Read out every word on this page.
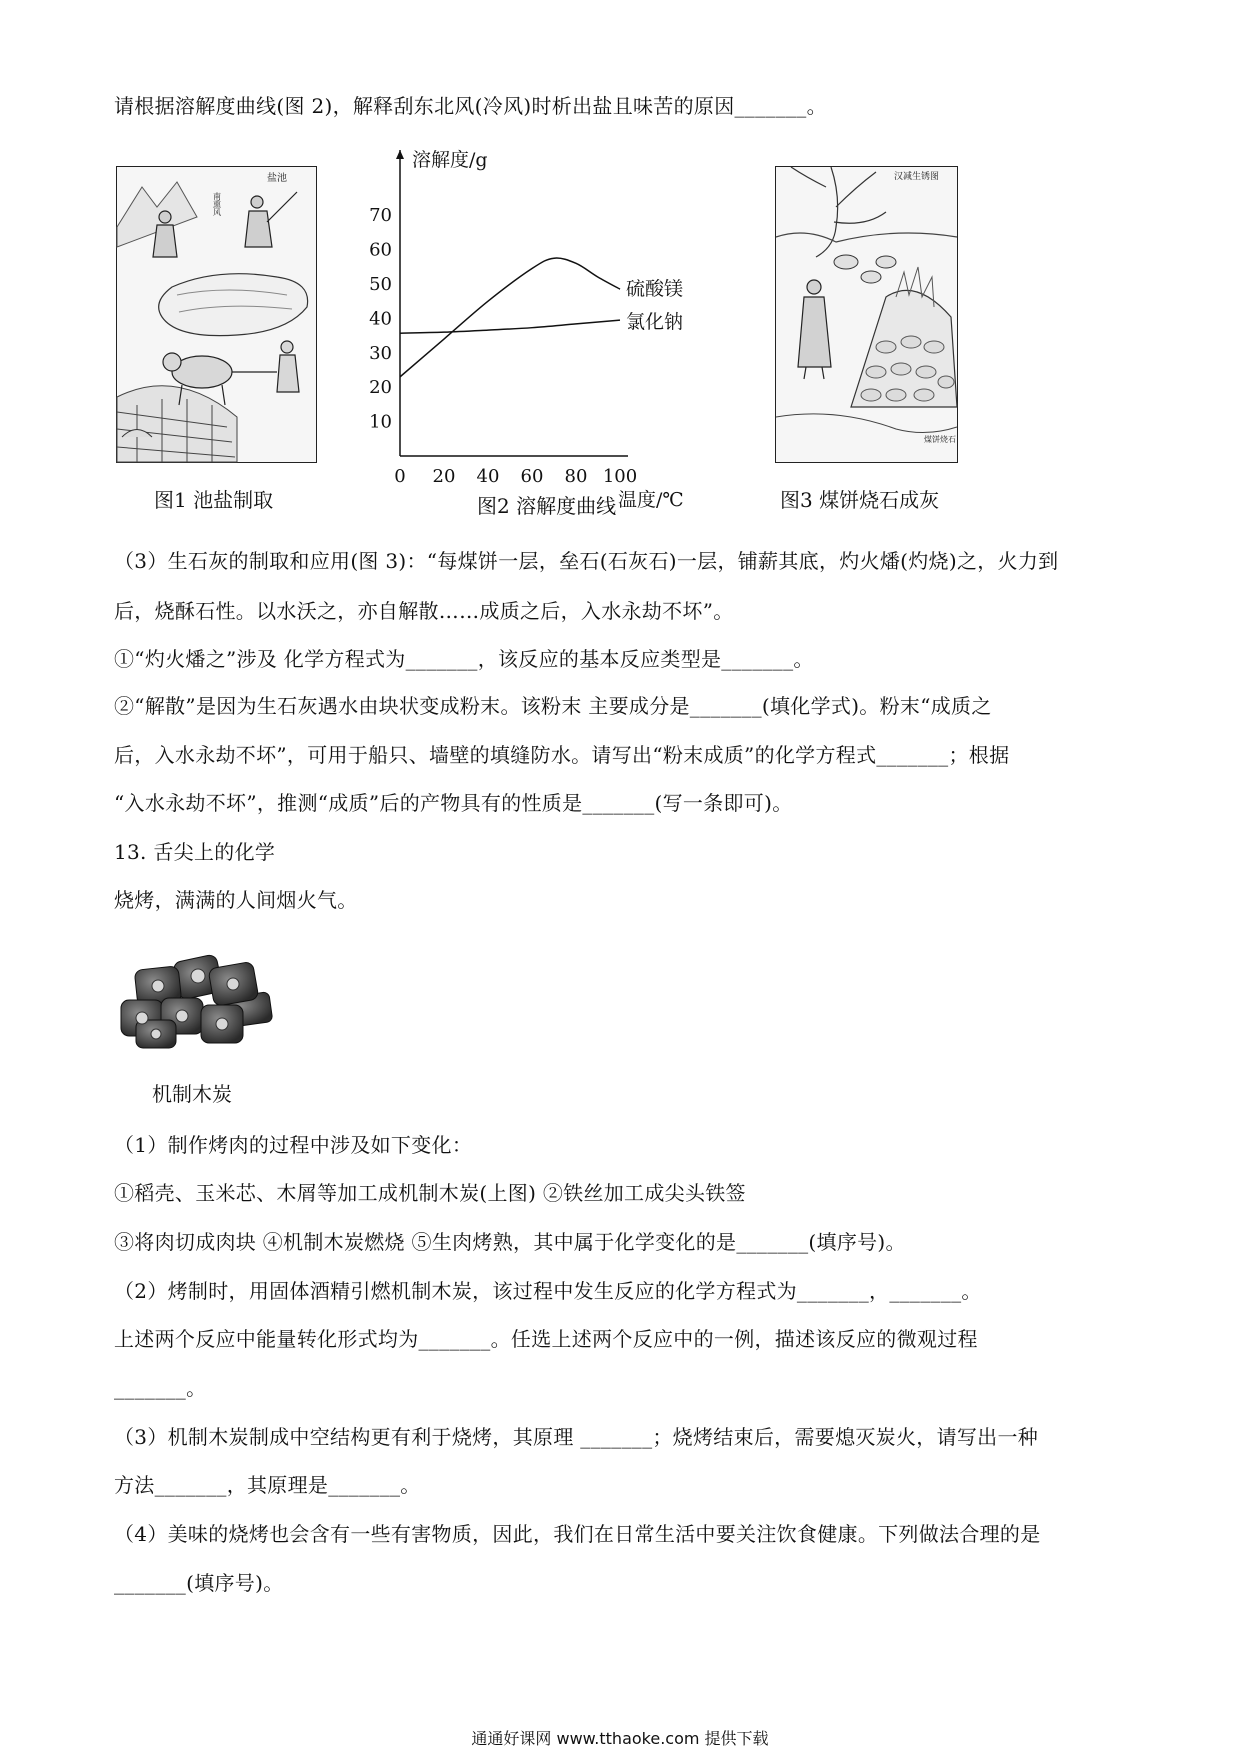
请根据溶解度曲线(图 2)，解释刮东北风(冷风)时析出盐且味苦的原因_______。
盐池
南熏风
图1 池盐制取
溶解度/g
温度/℃
10
20
30
40
50
60
70
0 20 40 60 80 100
硫酸镁
氯化钠
图2 溶解度曲线
汉减生锈图
煤饼烧石
图3 煤饼烧石成灰
（3）生石灰的制取和应用(图 3)：“每煤饼一层，垒石(石灰石)一层，铺薪其底，灼火燔(灼烧)之，火力到
后，烧酥石性。以水沃之，亦自解散……成质之后，入水永劫不坏”。
①“灼火燔之”涉及 化学方程式为_______，该反应的基本反应类型是_______。
②“解散”是因为生石灰遇水由块状变成粉末。该粉末 主要成分是_______(填化学式)。粉末“成质之
后，入水永劫不坏”，可用于船只、墙壁的填缝防水。请写出“粉末成质”的化学方程式_______；根据
“入水永劫不坏”，推测“成质”后的产物具有的性质是_______(写一条即可)。
13. 舌尖上的化学
烧烤，满满的人间烟火气。
机制木炭
（1）制作烤肉的过程中涉及如下变化：
①稻壳、玉米芯、木屑等加工成机制木炭(上图) ②铁丝加工成尖头铁签
③将肉切成肉块 ④机制木炭燃烧 ⑤生肉烤熟，其中属于化学变化的是_______(填序号)。
（2）烤制时，用固体酒精引燃机制木炭，该过程中发生反应的化学方程式为_______，_______。
上述两个反应中能量转化形式均为_______。任选上述两个反应中的一例，描述该反应的微观过程
_______。
（3）机制木炭制成中空结构更有利于烧烤，其原理 _______；烧烤结束后，需要熄灭炭火，请写出一种
方法_______，其原理是_______。
（4）美味的烧烤也会含有一些有害物质，因此，我们在日常生活中要关注饮食健康。下列做法合理的是
_______(填序号)。
通通好课网 www.tthaoke.com 提供下载
